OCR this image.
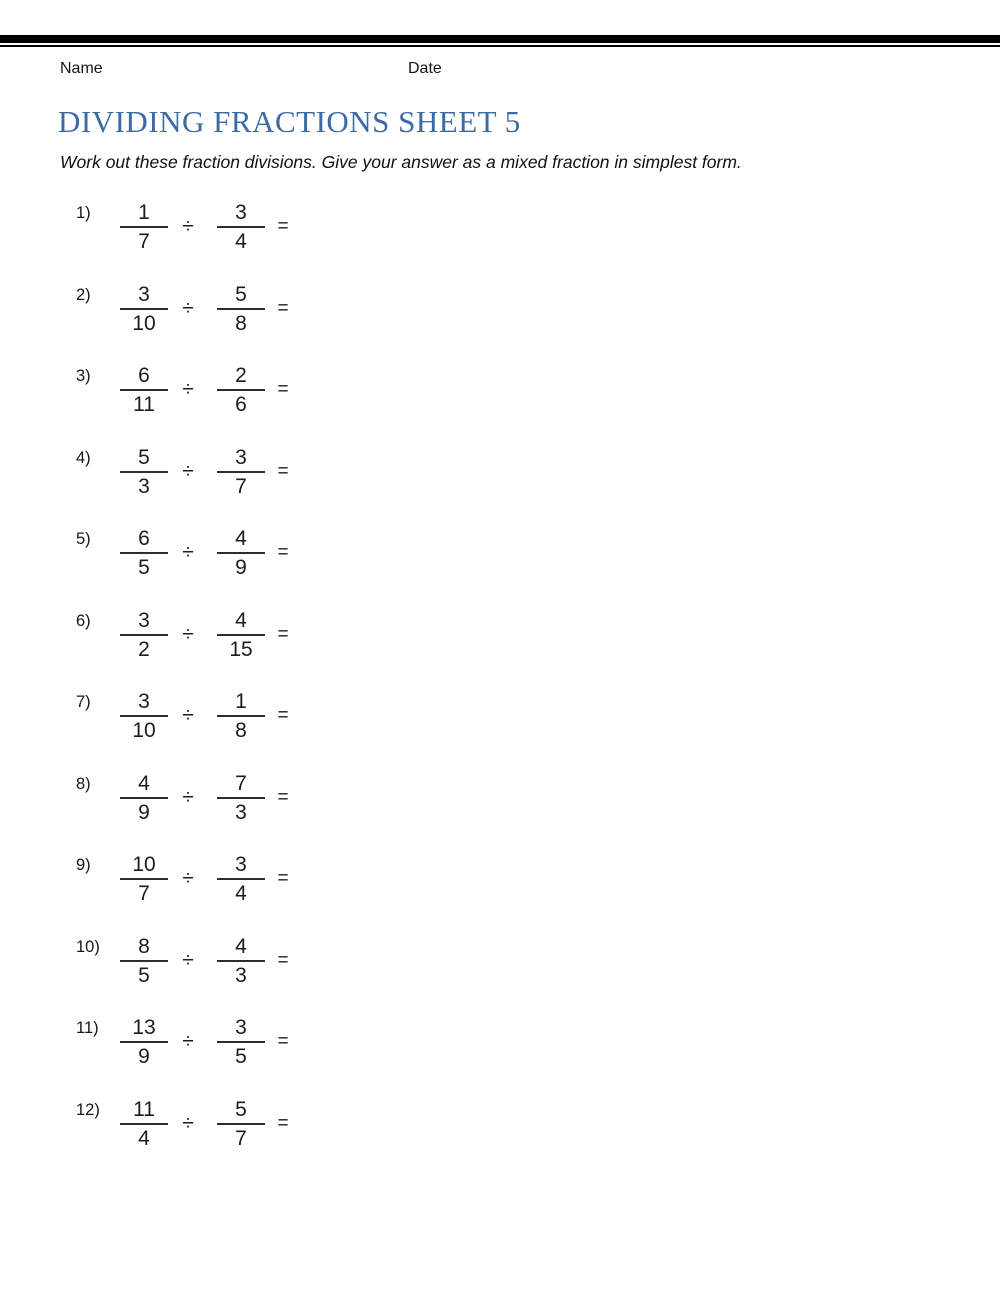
Name	Date
DIVIDING FRACTIONS SHEET 5
Work out these fraction divisions. Give your answer as a mixed fraction in simplest form.
1)	1
7
÷
3
4
=
2)	3
10
÷
5
8
=
3)	6
11
÷
2
6
=
4)	5
3
÷
3
7
=
5)	6
5
÷
4
9
=
6)	3
2
÷
4
15
=
7)	3
10
÷
1
8
=
8)	4
9
÷
7
3
=
9)	10
7
÷
3
4
=
10)	8
5
÷
4
3
=
11)	13
9
÷
3
5
=
12)	11
4
÷
5
7
=
